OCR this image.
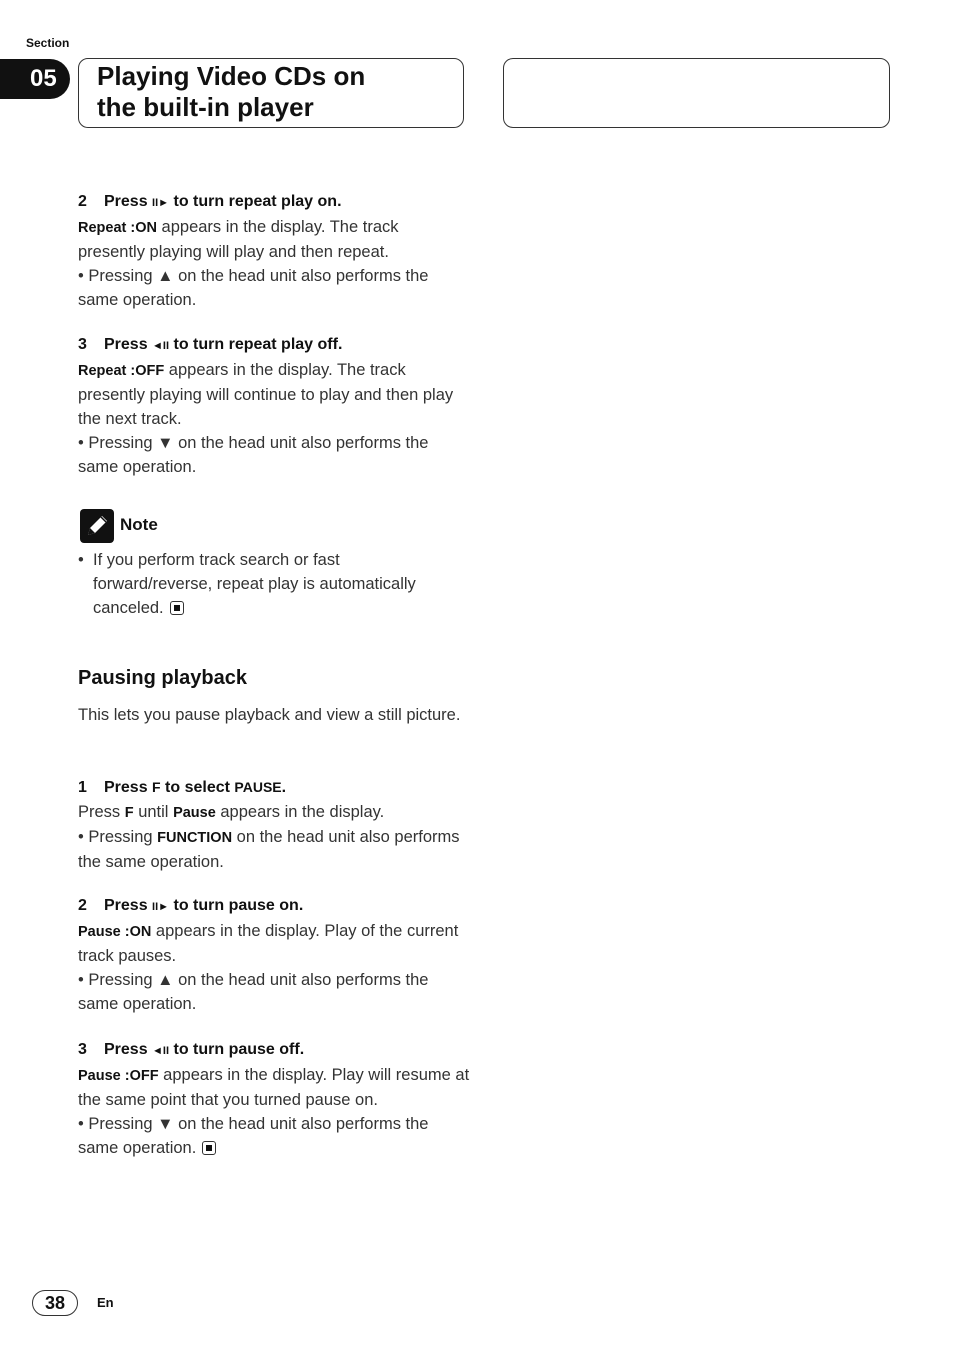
Section
05	Playing Video CDs on
the built-in player
2 Press II► to turn repeat play on.
Repeat :ON appears in the display. The track presently playing will play and then repeat.
• Pressing ▲ on the head unit also performs the same operation.
3 Press ◄II to turn repeat play off.
Repeat :OFF appears in the display. The track presently playing will continue to play and then play the next track.
• Pressing ▼ on the head unit also performs the same operation.
Note
• If you perform track search or fast forward/reverse, repeat play is automatically canceled.
Pausing playback
This lets you pause playback and view a still picture.
1 Press F to select PAUSE.
Press F until Pause appears in the display.
• Pressing FUNCTION on the head unit also performs the same operation.
2 Press II► to turn pause on.
Pause :ON appears in the display. Play of the current track pauses.
• Pressing ▲ on the head unit also performs the same operation.
3 Press ◄II to turn pause off.
Pause :OFF appears in the display. Play will resume at the same point that you turned pause on.
• Pressing ▼ on the head unit also performs the same operation.
38	En
